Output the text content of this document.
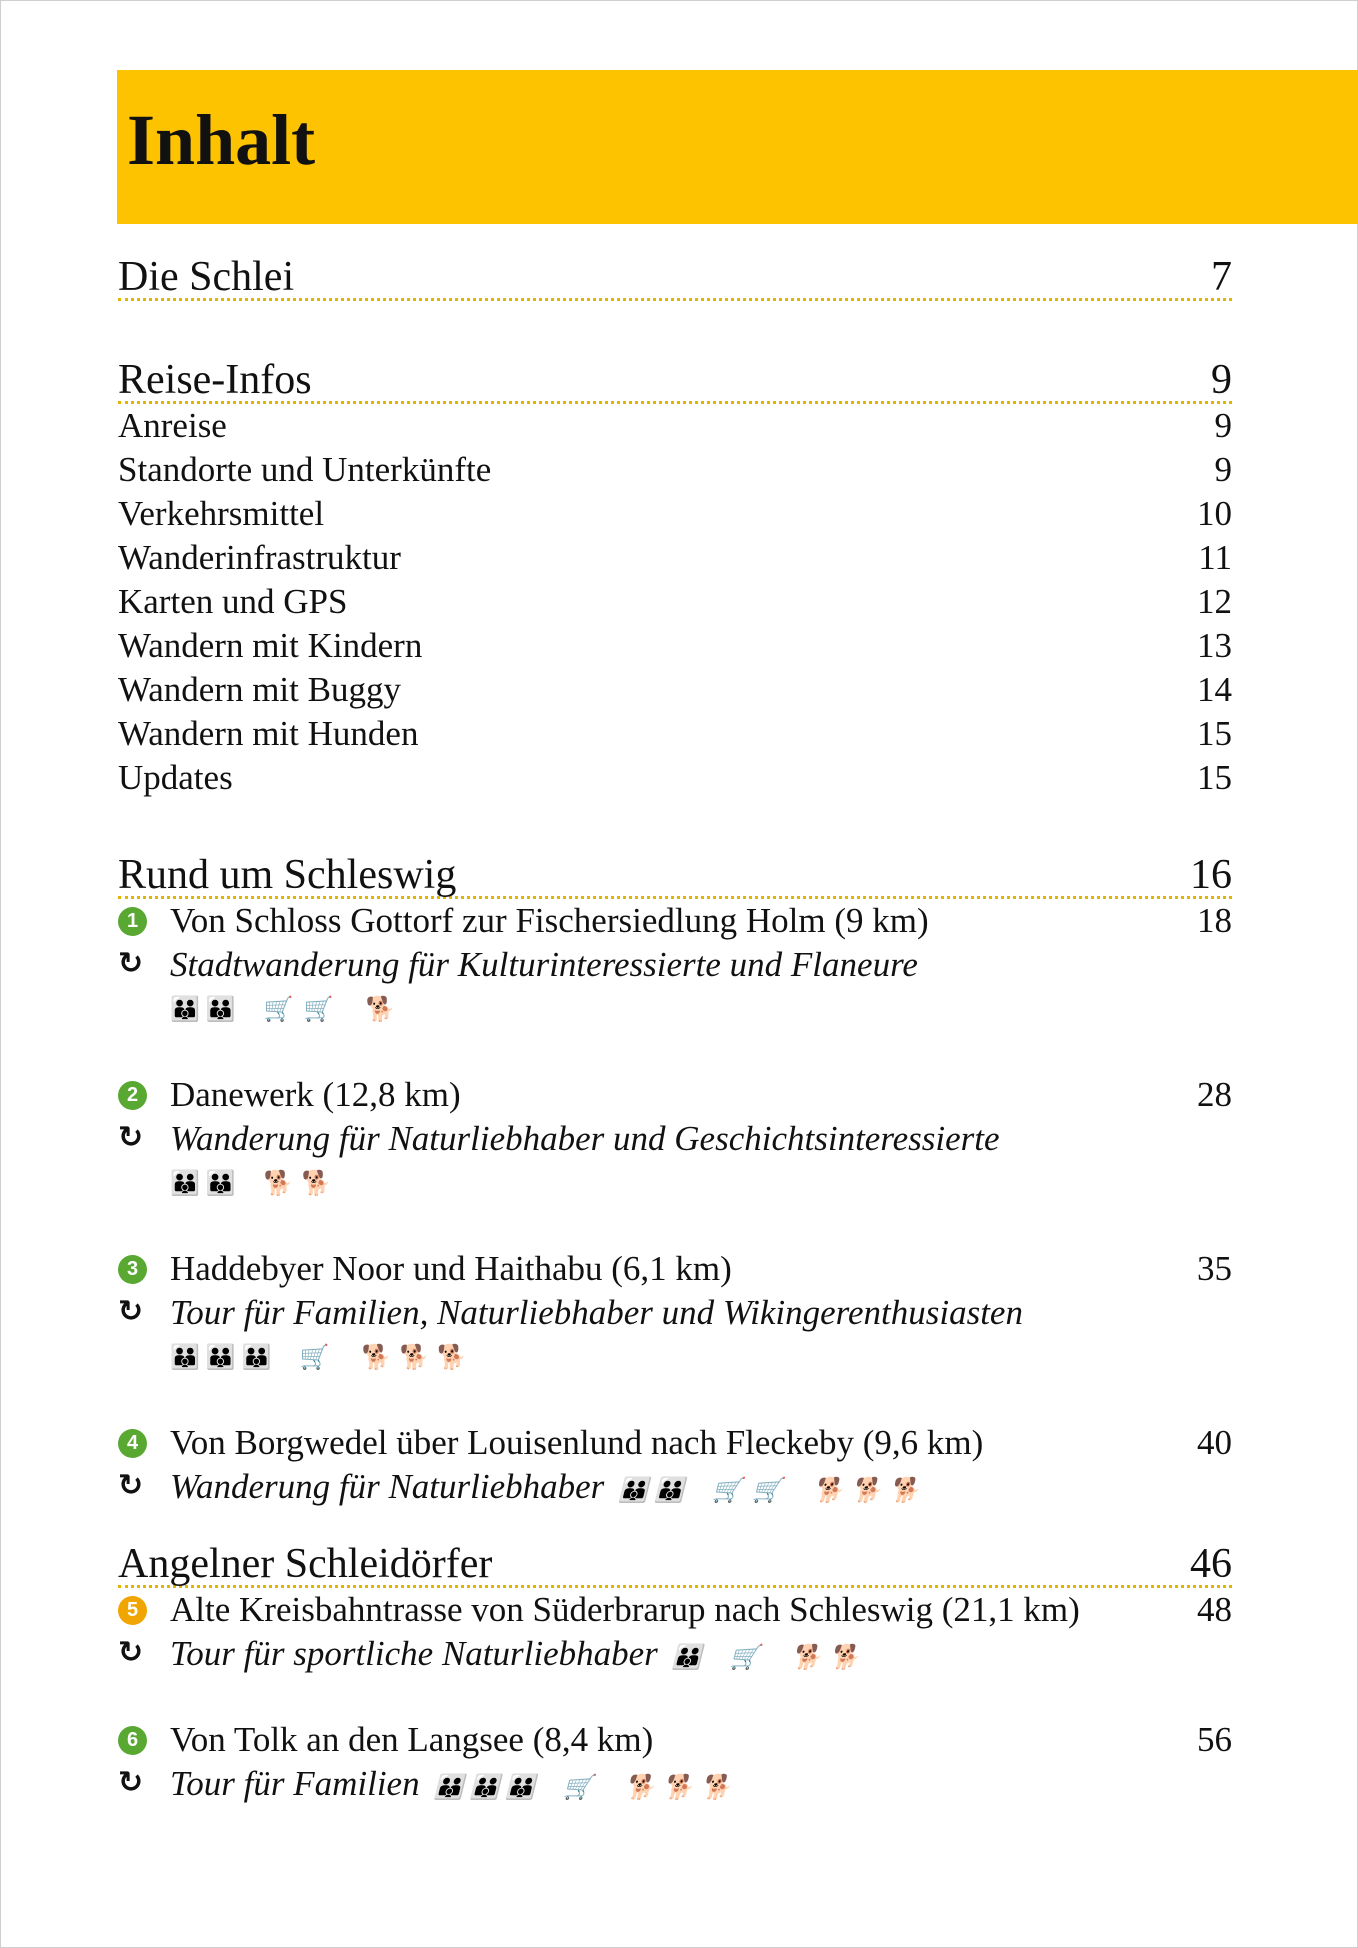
Inhalt
Die Schlei	7
Reise-Infos	9
Anreise	9
Standorte und Unterkünfte	9
Verkehrsmittel	10
Wanderinfrastruktur	11
Karten und GPS	12
Wandern mit Kindern	13
Wandern mit Buggy	14
Wandern mit Hunden	15
Updates	15
Rund um Schleswig	16
1 Von Schloss Gottorf zur Fischersiedlung Holm (9 km)	18
↻ Stadtwanderung für Kulturinteressierte und Flaneure
👪 👪 🛒 🛒 🐕
2 Danewerk (12,8 km)	28
↻ Wanderung für Naturliebhaber und Geschichtsinteressierte
👪 👪 🐕 🐕
3 Haddebyer Noor und Haithabu (6,1 km)	35
↻ Tour für Familien, Naturliebhaber und Wikingerenthusiasten
👪 👪 👪 🛒 🐕 🐕 🐕
4 Von Borgwedel über Louisenlund nach Fleckeby (9,6 km)	40
↻ Wanderung für Naturliebhaber 👪 👪 🛒 🛒 🐕 🐕 🐕
Angelner Schleidörfer	46
5 Alte Kreisbahntrasse von Süderbrarup nach Schleswig (21,1 km)	48
↻ Tour für sportliche Naturliebhaber 👪 🛒 🐕 🐕
6 Von Tolk an den Langsee (8,4 km)	56
↻ Tour für Familien 👪 👪 👪 🛒 🐕 🐕 🐕
